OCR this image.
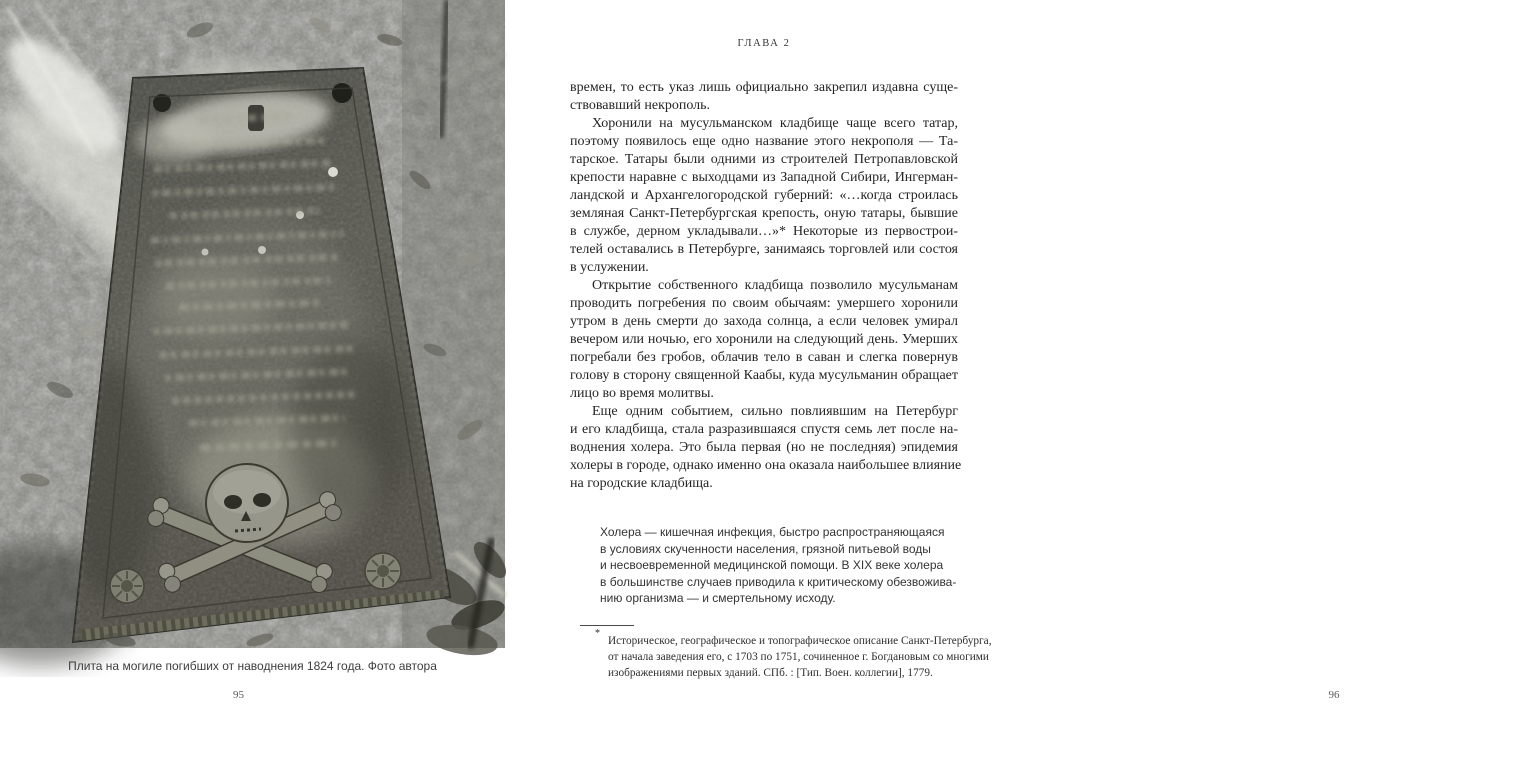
Плита на могиле погибших от наводнения 1824 года. Фото автора
95
ГЛАВА 2
времен, то есть указ лишь официально закрепил издавна суще-
ствовавший некрополь.
Хоронили на мусульманском кладбище чаще всего татар,
поэтому появилось еще одно название этого некрополя — Та-
тарское. Татары были одними из строителей Петропавловской
крепости наравне с выходцами из Западной Сибири, Ингерман-
ландской и Архангелогородской губерний: «…когда строилась
земляная Санкт-Петербургская крепость, оную татары, бывшие
в службе, дерном укладывали…»* Некоторые из первострои-
телей оставались в Петербурге, занимаясь торговлей или состоя
в услужении.
Открытие собственного кладбища позволило мусульманам
проводить погребения по своим обычаям: умершего хоронили
утром в день смерти до захода солнца, а если человек умирал
вечером или ночью, его хоронили на следующий день. Умерших
погребали без гробов, облачив тело в саван и слегка повернув
голову в сторону священной Каабы, куда мусульманин обращает
лицо во время молитвы.
Еще одним событием, сильно повлиявшим на Петербург
и его кладбища, стала разразившаяся спустя семь лет после на-
воднения холера. Это была первая (но не последняя) эпидемия
холеры в городе, однако именно она оказала наибольшее влияние
на городские кладбища.
Холера — кишечная инфекция, быстро распространяющаяся
в условиях скученности населения, грязной питьевой воды
и несвоевременной медицинской помощи. В XIX веке холера
в большинстве случаев приводила к критическому обезвожива-
нию организма — и смертельному исходу.
*
Историческое, географическое и топографическое описание Санкт-Петербурга,
от начала заведения его, с 1703 по 1751, сочиненное г. Богдановым со многими
изображениями первых зданий. СПб. : [Тип. Воен. коллегии], 1779.
96
